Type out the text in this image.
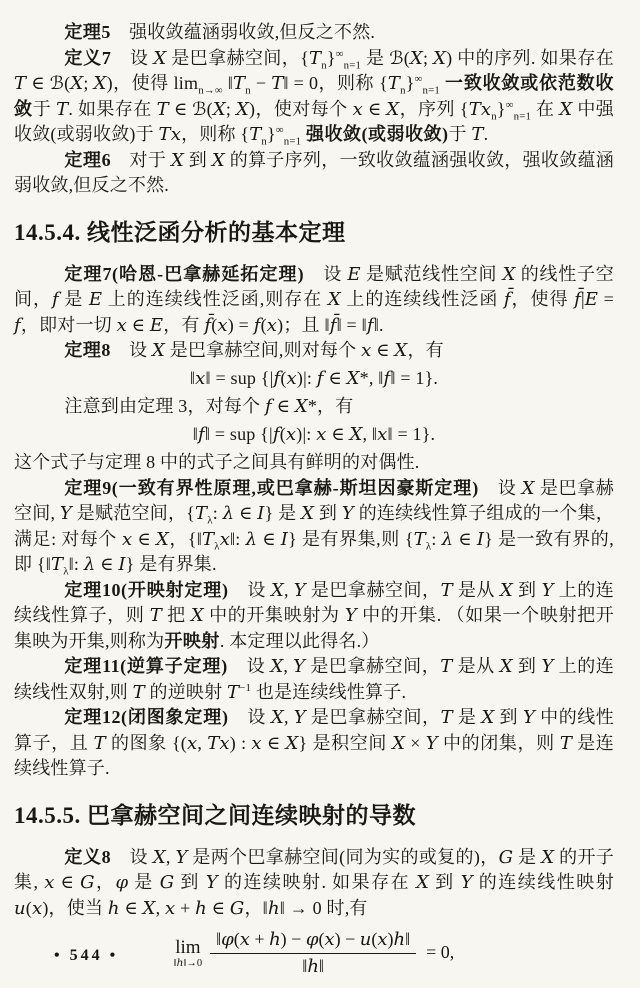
定理5　强收敛蕴涵弱收敛,但反之不然.

定义7　设 X 是巴拿赫空间，$\{T_n\}^\infty_{n=1}$ 是 ℬ(X; X) 中的序列. 如果存在 T ∈ ℬ(X; X)，使得 $\lim_{n\to\infty}$ $‖T_n$ − T‖ = 0，则称 $\{T_n\}^\infty_{n=1}$ 一致收敛或依范数收敛于 T. 如果存在 T ∈ ℬ(X; X)，使对每个 x ∈ X，序列 $\{Tx_n\}^\infty_{n=1}$ 在 X 中强收敛(或弱收敛)于 Tx，则称 $\{T_n\}^\infty_{n=1}$ 强收敛(或弱收敛)于 T.

定理6　对于 X 到 X 的算子序列，一致收敛蕴涵强收敛，强收敛蕴涵弱收敛,但反之不然.

14.5.4. 线性泛函分析的基本定理

定理7(哈恩-巴拿赫延拓定理)　设 E 是赋范线性空间 X 的线性子空间，f 是 E 上的连续线性泛函,则存在 X 上的连续线性泛函 f̄，使得 f̄|E = f，即对一切 x ∈ E，有 f̄(x) = f(x)；且 ‖f̄‖ = ‖f‖.

定理8　设 X 是巴拿赫空间,则对每个 x ∈ X，有

‖x‖ = sup {|f(x)|: f ∈ X*, ‖f‖ = 1}.

注意到由定理 3，对每个 f ∈ X*，有

‖f‖ = sup {|f(x)|: x ∈ X, ‖x‖ = 1}.

这个式子与定理 8 中的式子之间具有鲜明的对偶性.

定理9(一致有界性原理,或巴拿赫-斯坦因豪斯定理)　设 X 是巴拿赫空间, Y 是赋范空间，{$T_\lambda$: λ ∈ I} 是 X 到 Y 的连续线性算子组成的一个集，满足: 对每个 x ∈ X，{$‖T_\lambda x‖$: λ ∈ I} 是有界集,则 {$T_\lambda$: λ ∈ I} 是一致有界的,即 {$‖T_\lambda‖$: λ ∈ I} 是有界集.

定理10(开映射定理)　设 X, Y 是巴拿赫空间，T 是从 X 到 Y 上的连续线性算子，则 T 把 X 中的开集映射为 Y 中的开集. （如果一个映射把开集映为开集,则称为开映射. 本定理以此得名.）

定理11(逆算子定理)　设 X, Y 是巴拿赫空间，T 是从 X 到 Y 上的连续线性双射,则 T 的逆映射 $T^{-1}$ 也是连续线性算子.

定理12(闭图象定理)　设 X, Y 是巴拿赫空间，T 是 X 到 Y 中的线性算子，且 T 的图象 {(x, Tx) : x ∈ X} 是积空间 X × Y 中的闭集，则 T 是连续线性算子.

14.5.5. 巴拿赫空间之间连续映射的导数

定义8　设 X, Y 是两个巴拿赫空间(同为实的或复的)，G 是 X 的开子集, x ∈ G，φ 是 G 到 Y 的连续映射. 如果存在 X 到 Y 的连续线性映射 u(x)，使当 h ∈ X, x + h ∈ G，‖h‖ → 0 时,有

lim
‖h‖→0 $\frac{‖\varphi(x + h) - \varphi(x) - u(x)h‖}{‖h‖} = 0$,
• 544 •
